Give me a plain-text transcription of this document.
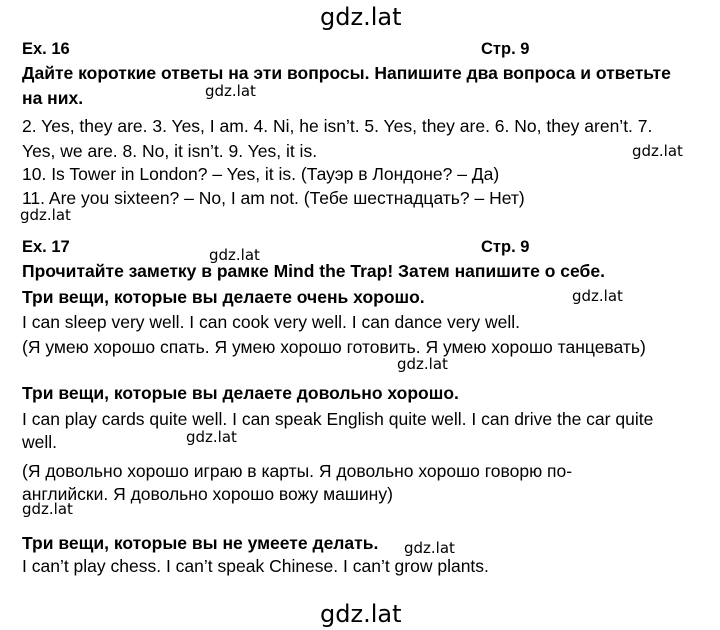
gdz.lat
gdz.lat
gdz.lat
gdz.lat
gdz.lat
gdz.lat
gdz.lat
gdz.lat
gdz.lat
gdz.lat
gdz.lat
Ex. 16	Стр. 9
Дайте короткие ответы на эти вопросы. Напишите два вопроса и ответьте
на них.
2. Yes, they are. 3. Yes, I am. 4. Ni, he isn’t. 5. Yes, they are. 6. No, they aren’t. 7.
Yes, we are. 8. No, it isn’t. 9. Yes, it is.
10. Is Tower in London? – Yes, it is. (Тауэр в Лондоне? – Да)
11. Are you sixteen? – No, I am not. (Тебе шестнадцать? – Нет)
Ex. 17	Стр. 9
Прочитайте заметку в рамке Mind the Trap! Затем напишите о себе.
Три вещи, которые вы делаете очень хорошо.
I can sleep very well. I can cook very well. I can dance very well.
(Я умею хорошо спать. Я умею хорошо готовить. Я умею хорошо танцевать)
Три вещи, которые вы делаете довольно хорошо.
I can play cards quite well. I can speak English quite well. I can drive the car quite
well.
(Я довольно хорошо играю в карты. Я довольно хорошо говорю по-
английски. Я довольно хорошо вожу машину)
Три вещи, которые вы не умеете делать.
I can’t play chess. I can’t speak Chinese. I can’t grow plants.
